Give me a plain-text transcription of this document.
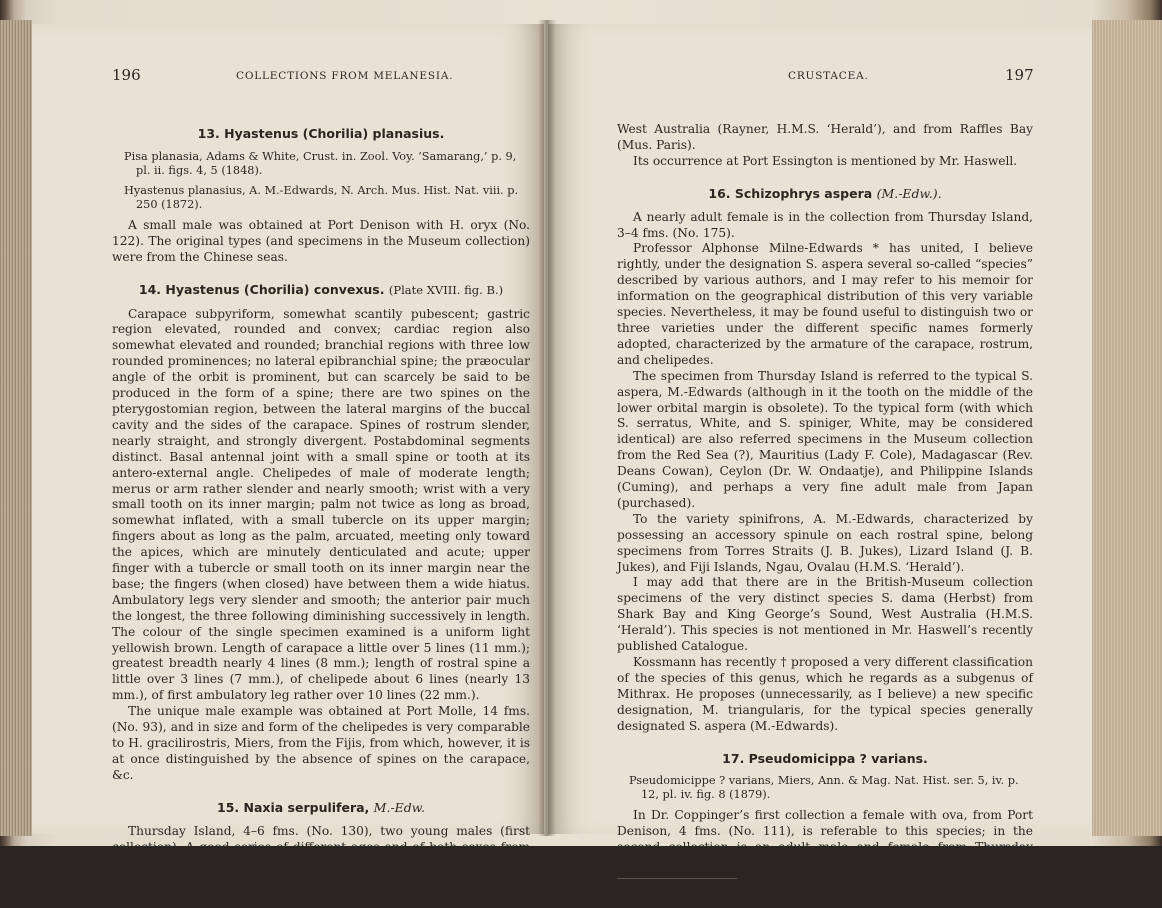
196	COLLECTIONS FROM MELANESIA.	CRUSTACEA.	197
13. Hyastenus (Chorilia) planasius.
Pisa planasia, Adams & White, Crust. in. Zool. Voy. ‘Samarang,’ p. 9, pl. ii. figs. 4, 5 (1848).
Hyastenus planasius, A. M.-Edwards, N. Arch. Mus. Hist. Nat. viii. p. 250 (1872).

A small male was obtained at Port Denison with H. oryx (No. 122). The original types (and specimens in the Museum collection) were from the Chinese seas.

14. Hyastenus (Chorilia) convexus. (Plate XVIII. fig. B.)

Carapace subpyriform, somewhat scantily pubescent; gastric region elevated, rounded and convex; cardiac region also somewhat elevated and rounded; branchial regions with three low rounded prominences; no lateral epibranchial spine; the præocular angle of the orbit is prominent, but can scarcely be said to be produced in the form of a spine; there are two spines on the pterygostomian region, between the lateral margins of the buccal cavity and the sides of the carapace. Spines of rostrum slender, nearly straight, and strongly divergent. Postabdominal segments distinct. Basal antennal joint with a small spine or tooth at its antero-external angle. Chelipedes of male of moderate length; merus or arm rather slender and nearly smooth; wrist with a very small tooth on its inner margin; palm not twice as long as broad, somewhat inflated, with a small tubercle on its upper margin; fingers about as long as the palm, arcuated, meeting only toward the apices, which are minutely denticulated and acute; upper finger with a tubercle or small tooth on its inner margin near the base; the fingers (when closed) have between them a wide hiatus. Ambulatory legs very slender and smooth; the anterior pair much the longest, the three following diminishing successively in length. The colour of the single specimen examined is a uniform light yellowish brown. Length of carapace a little over 5 lines (11 mm.); greatest breadth nearly 4 lines (8 mm.); length of rostral spine a little over 3 lines (7 mm.), of chelipede about 6 lines (nearly 13 mm.), of first ambulatory leg rather over 10 lines (22 mm.).

The unique male example was obtained at Port Molle, 14 fms. (No. 93), and in size and form of the chelipedes is very comparable to H. gracilirostris, Miers, from the Fijis, from which, however, it is at once distinguished by the absence of spines on the carapace, &c.

15. Naxia serpulifera, M.-Edw.

Thursday Island, 4–6 fms. (No. 130), two young males (first collection). A good series of different ages and of both sexes from the same locality has been retained from the second collection (175).

Specimens are in the British-Museum collection from Shark Bay,

West Australia (Rayner, H.M.S. ‘Herald’), and from Raffles Bay (Mus. Paris).

Its occurrence at Port Essington is mentioned by Mr. Haswell.

16. Schizophrys aspera (M.-Edw.).

A nearly adult female is in the collection from Thursday Island, 3–4 fms. (No. 175).

Professor Alphonse Milne-Edwards * has united, I believe rightly, under the designation S. aspera several so-called “species” described by various authors, and I may refer to his memoir for information on the geographical distribution of this very variable species. Nevertheless, it may be found useful to distinguish two or three varieties under the different specific names formerly adopted, characterized by the armature of the carapace, rostrum, and chelipedes.

The specimen from Thursday Island is referred to the typical S. aspera, M.-Edwards (although in it the tooth on the middle of the lower orbital margin is obsolete). To the typical form (with which S. serratus, White, and S. spiniger, White, may be considered identical) are also referred specimens in the Museum collection from the Red Sea (?), Mauritius (Lady F. Cole), Madagascar (Rev. Deans Cowan), Ceylon (Dr. W. Ondaatje), and Philippine Islands (Cuming), and perhaps a very fine adult male from Japan (purchased).

To the variety spinifrons, A. M.-Edwards, characterized by possessing an accessory spinule on each rostral spine, belong specimens from Torres Straits (J. B. Jukes), Lizard Island (J. B. Jukes), and Fiji Islands, Ngau, Ovalau (H.M.S. ‘Herald’).

I may add that there are in the British-Museum collection specimens of the very distinct species S. dama (Herbst) from Shark Bay and King George’s Sound, West Australia (H.M.S. ‘Herald’). This species is not mentioned in Mr. Haswell’s recently published Catalogue.

Kossmann has recently † proposed a very different classification of the species of this genus, which he regards as a subgenus of Mithrax. He proposes (unnecessarily, as I believe) a new specific designation, M. triangularis, for the typical species generally designated S. aspera (M.-Edwards).

17. Pseudomicippa ? varians.
Pseudomicippe ? varians, Miers, Ann. & Mag. Nat. Hist. ser. 5, iv. p. 12, pl. iv. fig. 8 (1879).

In Dr. Coppinger’s first collection a female with ova, from Port Denison, 4 fms. (No. 111), is referable to this species; in the second collection is an adult male and female from Thursday Island, 3–5

* Nouv. Archiv. Mus. Hist. Naturelle, viii. p. 231, pl. x. fig. 1 (1872).

† ‘Zool. Ergeb. einer Reise im Küstengeb. des rothen Meeres,’ (i.) p. 11 (1877).
